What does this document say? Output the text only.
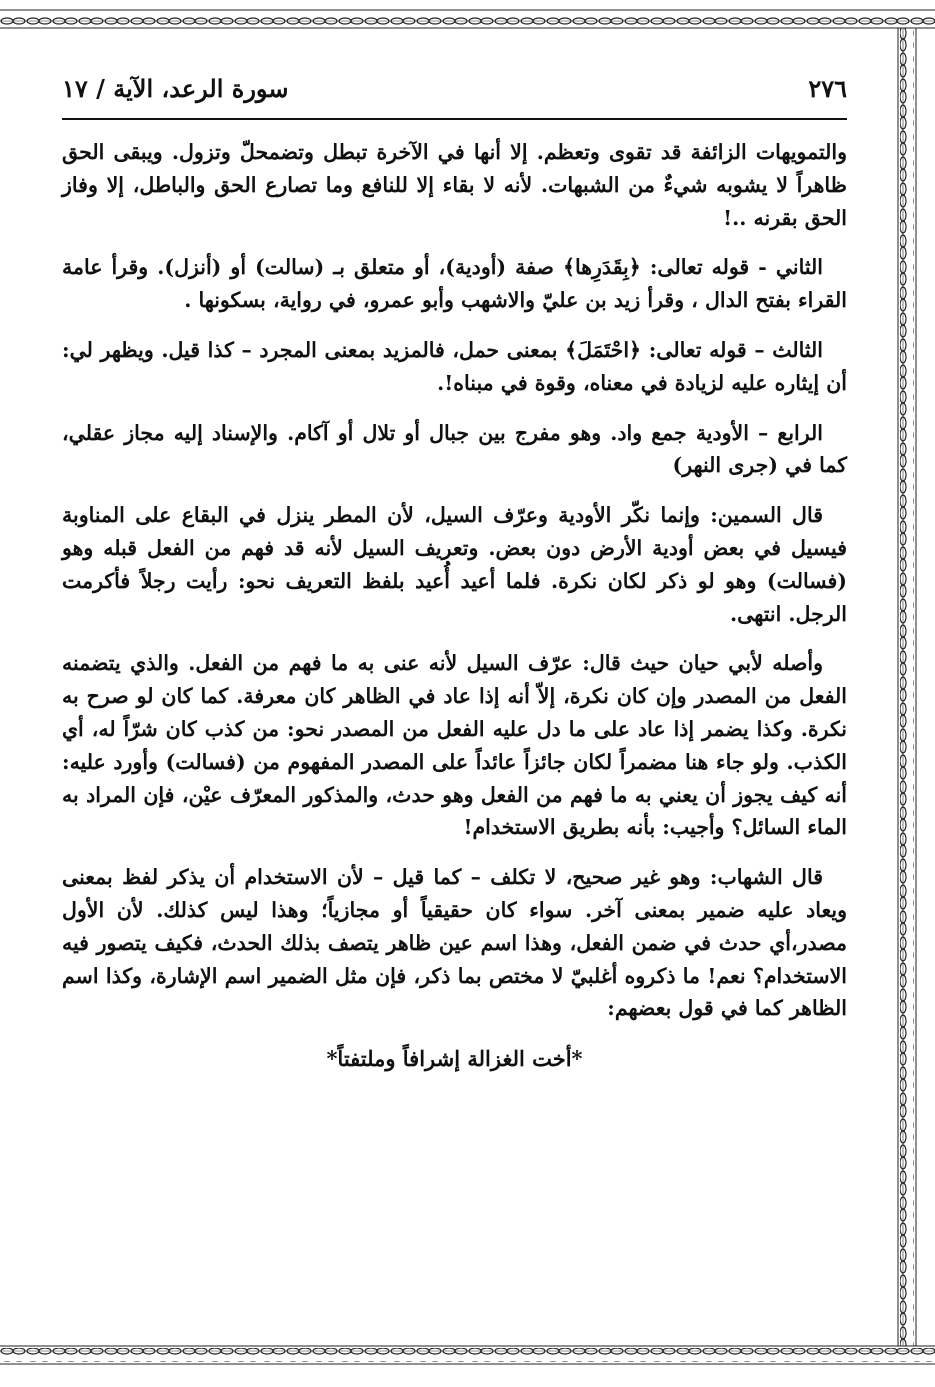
٢٧٦
سورة الرعد، الآية / ١٧

والتمويهات الزائفة قد تقوى وتعظم. إلا أنها في الآخرة تبطل وتضمحلّ وتزول. ويبقى الحق ظاهراً لا يشوبه شيءٌ من الشبهات. لأنه لا بقاء إلا للنافع وما تصارع الحق والباطل، إلا وفاز الحق بقرنه ..!

الثاني - قوله تعالى: ﴿بِقَدَرِها﴾ صفة (أودية)، أو متعلق بـ (سالت) أو (أنزل). وقرأ عامة القراء بفتح الدال ، وقرأ زيد بن عليّ والاشهب وأبو عمرو، في رواية، بسكونها .

الثالث – قوله تعالى: ﴿احْتَمَلَ﴾ بمعنى حمل، فالمزيد بمعنى المجرد – كذا قيل. ويظهر لي: أن إيثاره عليه لزيادة في معناه، وقوة في مبناه!.

الرابع – الأودية جمع واد. وهو مفرج بين جبال أو تلال أو آكام. والإسناد إليه مجاز عقلي، كما في (جرى النهر)

قال السمين: وإنما نكّر الأودية وعرّف السيل، لأن المطر ينزل في البقاع على المناوبة فيسيل في بعض أودية الأرض دون بعض. وتعريف السيل لأنه قد فهم من الفعل قبله وهو (فسالت) وهو لو ذكر لكان نكرة. فلما أعيد أُعيد بلفظ التعريف نحو: رأيت رجلاً فأكرمت الرجل. انتهى.

وأصله لأبي حيان حيث قال: عرّف السيل لأنه عنى به ما فهم من الفعل. والذي يتضمنه الفعل من المصدر وإن كان نكرة، إلاّ أنه إذا عاد في الظاهر كان معرفة. كما كان لو صرح به نكرة. وكذا يضمر إذا عاد على ما دل عليه الفعل من المصدر نحو: من كذب كان شرّاً له، أي الكذب. ولو جاء هنا مضمراً لكان جائزاً عائداً على المصدر المفهوم من (فسالت) وأورد عليه: أنه كيف يجوز أن يعني به ما فهم من الفعل وهو حدث، والمذكور المعرّف عيْن، فإن المراد به الماء السائل؟ وأجيب: بأنه بطريق الاستخدام!

قال الشهاب: وهو غير صحيح، لا تكلف – كما قيل – لأن الاستخدام أن يذكر لفظ بمعنى ويعاد عليه ضمير بمعنى آخر. سواء كان حقيقياً أو مجازياً؛ وهذا ليس كذلك. لأن الأول مصدر،أي حدث في ضمن الفعل، وهذا اسم عين ظاهر يتصف بذلك الحدث، فكيف يتصور فيه الاستخدام؟ نعم! ما ذكروه أغلبيّ لا مختص بما ذكر، فإن مثل الضمير اسم الإشارة، وكذا اسم الظاهر كما في قول بعضهم:

*أخت الغزالة إشرافاً وملتفتاً*
